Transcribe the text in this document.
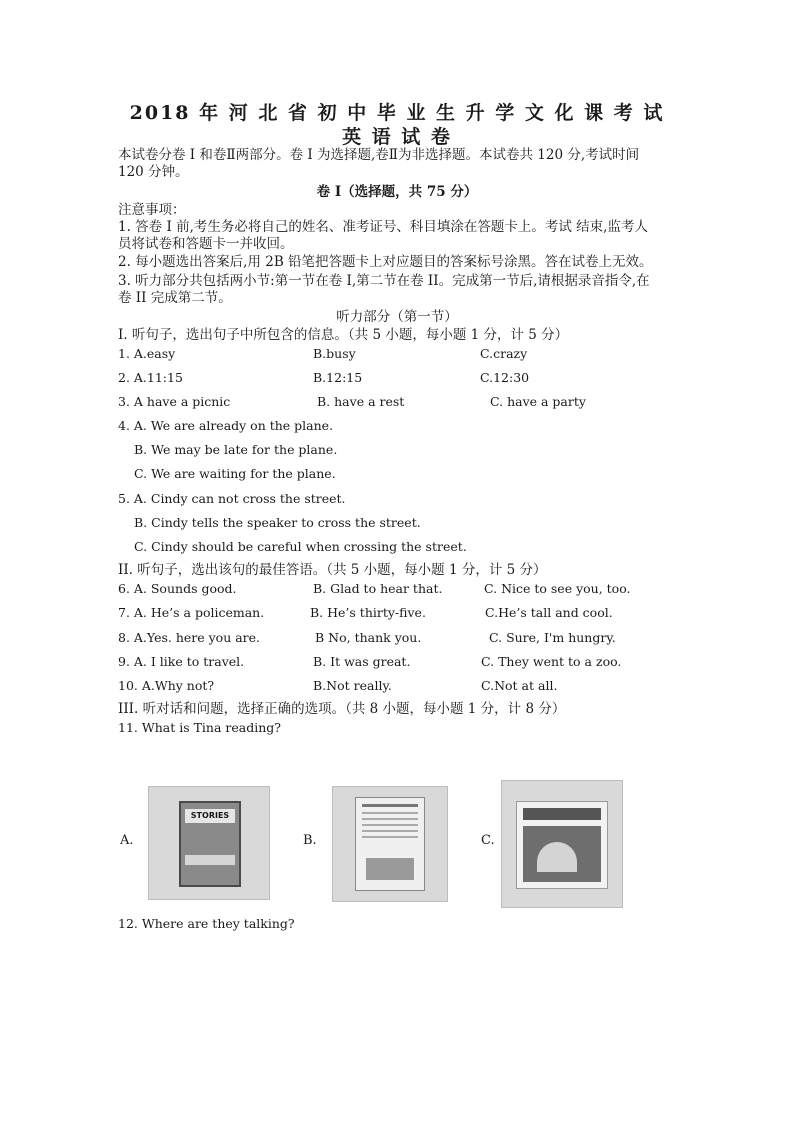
2018 年 河 北 省 初 中 毕 业 生 升 学 文 化 课 考 试
英 语 试 卷
本试卷分卷 I 和卷Ⅱ两部分。卷 I 为选择题,卷Ⅱ为非选择题。本试卷共 120 分,考试时间
120 分钟。
卷 I（选择题，共 75 分）
注意事项：
1. 答卷 I 前,考生务必将自己的姓名、准考证号、科目填涂在答题卡上。考试 结束,监考人
员将试卷和答题卡一并收回。
2. 每小题选出答案后,用 2B 铅笔把答题卡上对应题目的答案标号涂黑。答在试卷上无效。
3. 听力部分共包括两小节:第一节在卷 I,第二节在卷 II。完成第一节后,请根据录音指令,在
卷 II 完成第二节。
听力部分（第一节）
I. 听句子，选出句子中所包含的信息。（共 5 小题，每小题 1 分，计 5 分）
1. A.easy	B.busy	C.crazy
2. A.11:15	B.12:15	C.12:30
3. A have a picnic	B. have a rest	C. have a party
4. A. We are already on the plane.
B. We may be late for the plane.
C. We are waiting for the plane.
5. A. Cindy can not cross the street.
B. Cindy tells the speaker to cross the street.
C. Cindy should be careful when crossing the street.
II. 听句子，选出该句的最佳答语。（共 5 小题，每小题 1 分，计 5 分）
6. A. Sounds good.	B. Glad to hear that.	C. Nice to see you, too.
7. A. He’s a policeman.	B. He’s thirty-five.	C.He’s tall and cool.
8. A.Yes. here you are.	B No, thank you.	C. Sure, I'm hungry.
9. A. I like to travel.	B. It was great.	C. They went to a zoo.
10. A.Why not?	B.Not really.	C.Not at all.
III. 听对话和问题，选择正确的选项。（共 8 小题，每小题 1 分，计 8 分）
11. What is Tina reading?
A.
STORIES
B.	C.
12. Where are they talking?
